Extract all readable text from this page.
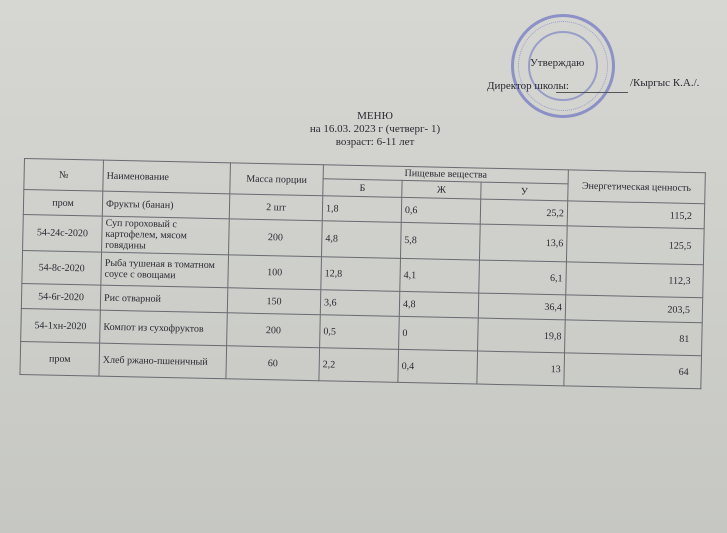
Утверждаю
Директор школы:	/Кыргыс К.А./.
МЕНЮ
на 16.03. 2023 г (четверг- 1)
возраст: 6-11 лет
№	Наименование	Масса порции	Пищевые вещества			Энергетическая ценность
			Б	Ж	У	
пром	Фрукты (банан)	2 шт	1,8	0,6	25,2	115,2
54-24с-2020	Суп гороховый с картофелем, мясом говядины	200	4,8	5,8	13,6	125,5
54-8с-2020	Рыба тушеная в томатном соусе с овощами	100	12,8	4,1	6,1	112,3
54-6г-2020	Рис отварной	150	3,6	4,8	36,4	203,5
54-1хн-2020	Компот из сухофруктов	200	0,5	0	19,8	81
пром	Хлеб ржано-пшеничный	60	2,2	0,4	13	64
